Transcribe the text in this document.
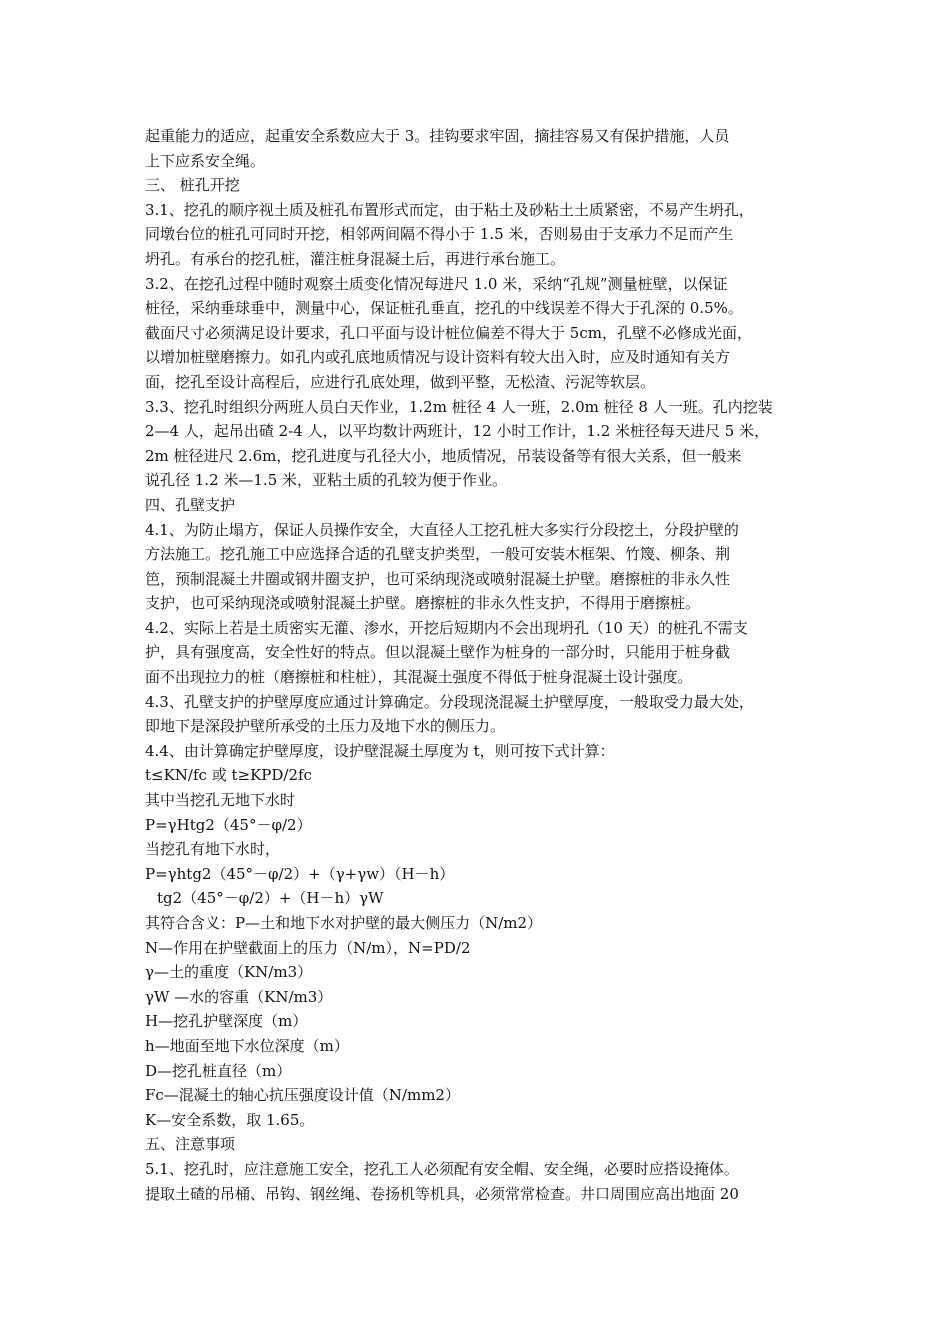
起重能力的适应，起重安全系数应大于 3。挂钩要求牢固，摘挂容易又有保护措施，人员
上下应系安全绳。
三、 桩孔开挖
3.1、挖孔的顺序视土质及桩孔布置形式而定，由于粘土及砂粘土土质紧密，不易产生坍孔，
同墩台位的桩孔可同时开挖，相邻两间隔不得小于 1.5 米，否则易由于支承力不足而产生
坍孔。有承台的挖孔桩，灌注桩身混凝土后，再进行承台施工。
3.2、在挖孔过程中随时观察土质变化情况每进尺 1.0 米，采纳“孔规”测量桩壁，以保证
桩径，采纳垂球垂中，测量中心，保证桩孔垂直，挖孔的中线误差不得大于孔深的 0.5%。
截面尺寸必须满足设计要求，孔口平面与设计桩位偏差不得大于 5cm，孔壁不必修成光面，
以增加桩壁磨擦力。如孔内或孔底地质情况与设计资料有较大出入时，应及时通知有关方
面，挖孔至设计高程后，应进行孔底处理，做到平整，无松渣、污泥等软层。
3.3、挖孔时组织分两班人员白天作业，1.2m 桩径 4 人一班，2.0m 桩径 8 人一班。孔内挖装
2—4 人，起吊出碴 2-4 人，以平均数计两班计，12 小时工作计，1.2 米桩径每天进尺 5 米，
2m 桩径进尺 2.6m，挖孔进度与孔径大小，地质情况，吊装设备等有很大关系，但一般来
说孔径 1.2 米—1.5 米，亚粘土质的孔较为便于作业。
四、孔壁支护
4.1、为防止塌方，保证人员操作安全，大直径人工挖孔桩大多实行分段挖土，分段护壁的
方法施工。挖孔施工中应选择合适的孔壁支护类型，一般可安装木框架、竹篾、柳条、荆
笆，预制混凝土井圈或钢井圈支护，也可采纳现浇或喷射混凝土护壁。磨擦桩的非永久性
支护，也可采纳现浇或喷射混凝土护壁。磨擦桩的非永久性支护，不得用于磨擦桩。
4.2、实际上若是土质密实无灌、渗水，开挖后短期内不会出现坍孔（10 天）的桩孔不需支
护，具有强度高，安全性好的特点。但以混凝土壁作为桩身的一部分时，只能用于桩身截
面不出现拉力的桩（磨擦桩和柱桩），其混凝土强度不得低于桩身混凝土设计强度。
4.3、孔壁支护的护壁厚度应通过计算确定。分段现浇混凝土护壁厚度，一般取受力最大处，
即地下是深段护壁所承受的土压力及地下水的侧压力。
4.4、由计算确定护壁厚度，设护壁混凝土厚度为 t，则可按下式计算：
t≤KN/fc 或 t≥KPD/2fc
其中当挖孔无地下水时
P=γHtg2（45°－φ/2）
当挖孔有地下水时，
P=γhtg2（45°－φ/2）+（γ+γw）（H－h）
tg2（45°－φ/2）+（H－h）γW
其符合含义：P—土和地下水对护壁的最大侧压力（N/m2）
N—作用在护壁截面上的压力（N/m），N=PD/2
γ—土的重度（KN/m3）
γW —水的容重（KN/m3）
H—挖孔护壁深度（m）
h—地面至地下水位深度（m）
D—挖孔桩直径（m）
Fc—混凝土的轴心抗压强度设计值（N/mm2）
K—安全系数，取 1.65。
五、注意事项
5.1、挖孔时，应注意施工安全，挖孔工人必须配有安全帽、安全绳，必要时应搭设掩体。
提取土碴的吊桶、吊钩、钢丝绳、卷扬机等机具，必须常常检查。井口周围应高出地面 20
